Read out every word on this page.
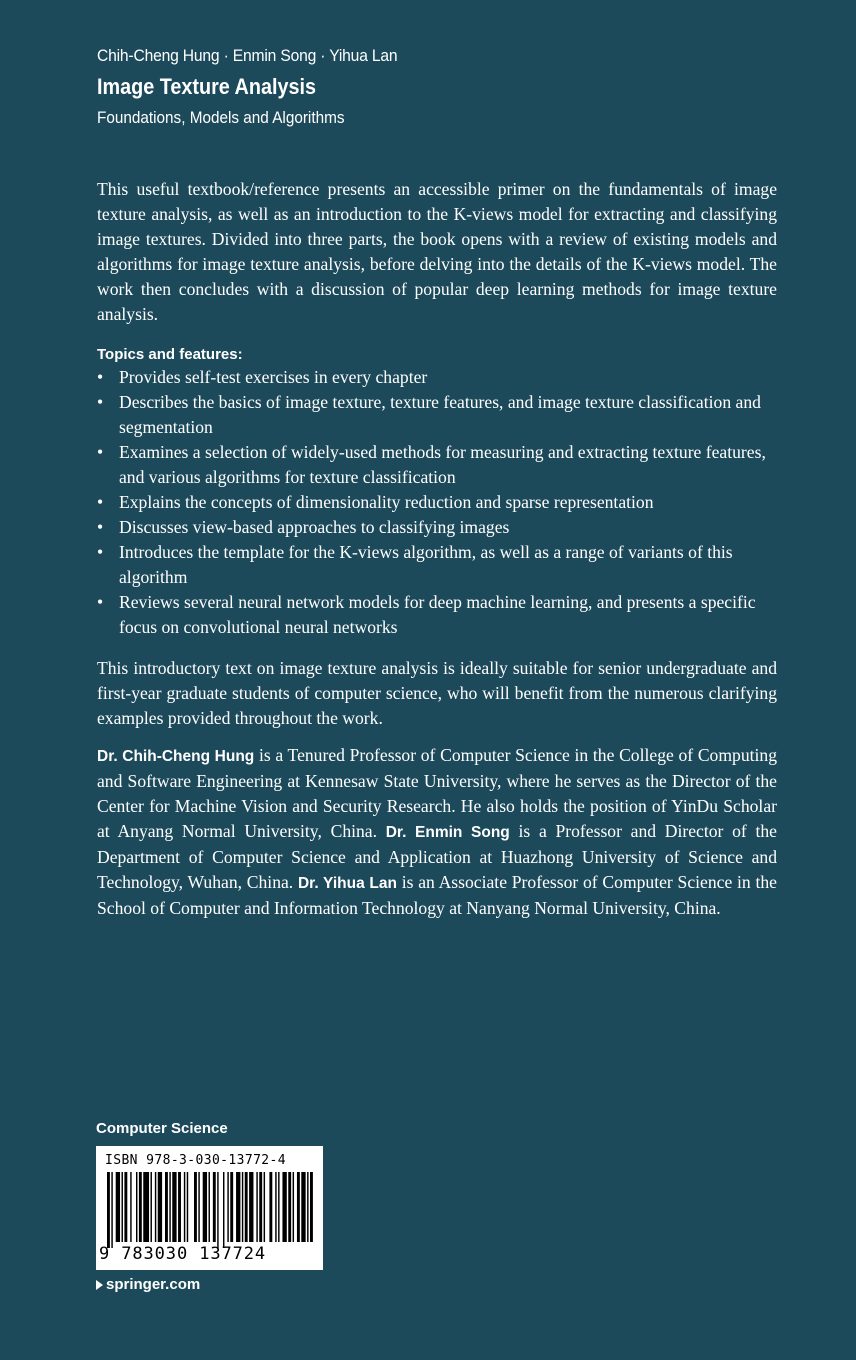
Chih-Cheng Hung · Enmin Song · Yihua Lan
Image Texture Analysis
Foundations, Models and Algorithms

This useful textbook/reference presents an accessible primer on the fundamentals of image texture analysis, as well as an introduction to the K-views model for extracting and classifying image textures. Divided into three parts, the book opens with a review of existing models and algorithms for image texture analysis, before delving into the details of the K-views model. The work then concludes with a discussion of popular deep learning methods for image texture analysis.

Topics and features:

• Provides self-test exercises in every chapter
• Describes the basics of image texture, texture features, and image texture classification and segmentation
• Examines a selection of widely-used methods for measuring and extracting texture features, and various algorithms for texture classification
• Explains the concepts of dimensionality reduction and sparse representation
• Discusses view-based approaches to classifying images
• Introduces the template for the K-views algorithm, as well as a range of variants of this algorithm
• Reviews several neural network models for deep machine learning, and presents a specific focus on convolutional neural networks

This introductory text on image texture analysis is ideally suitable for senior undergraduate and first-year graduate students of computer science, who will benefit from the numerous clarifying examples provided throughout the work.

Dr. Chih-Cheng Hung is a Tenured Professor of Computer Science in the College of Computing and Software Engineering at Kennesaw State University, where he serves as the Director of the Center for Machine Vision and Security Research. He also holds the position of YinDu Scholar at Anyang Normal University, China. Dr. Enmin Song is a Professor and Director of the Department of Computer Science and Application at Huazhong University of Science and Technology, Wuhan, China. Dr. Yihua Lan is an Associate Professor of Computer Science in the School of Computer and Information Technology at Nanyang Normal University, China.

Computer Science
ISBN 978-3-030-13772-4
9 783030 137724
springer.com
